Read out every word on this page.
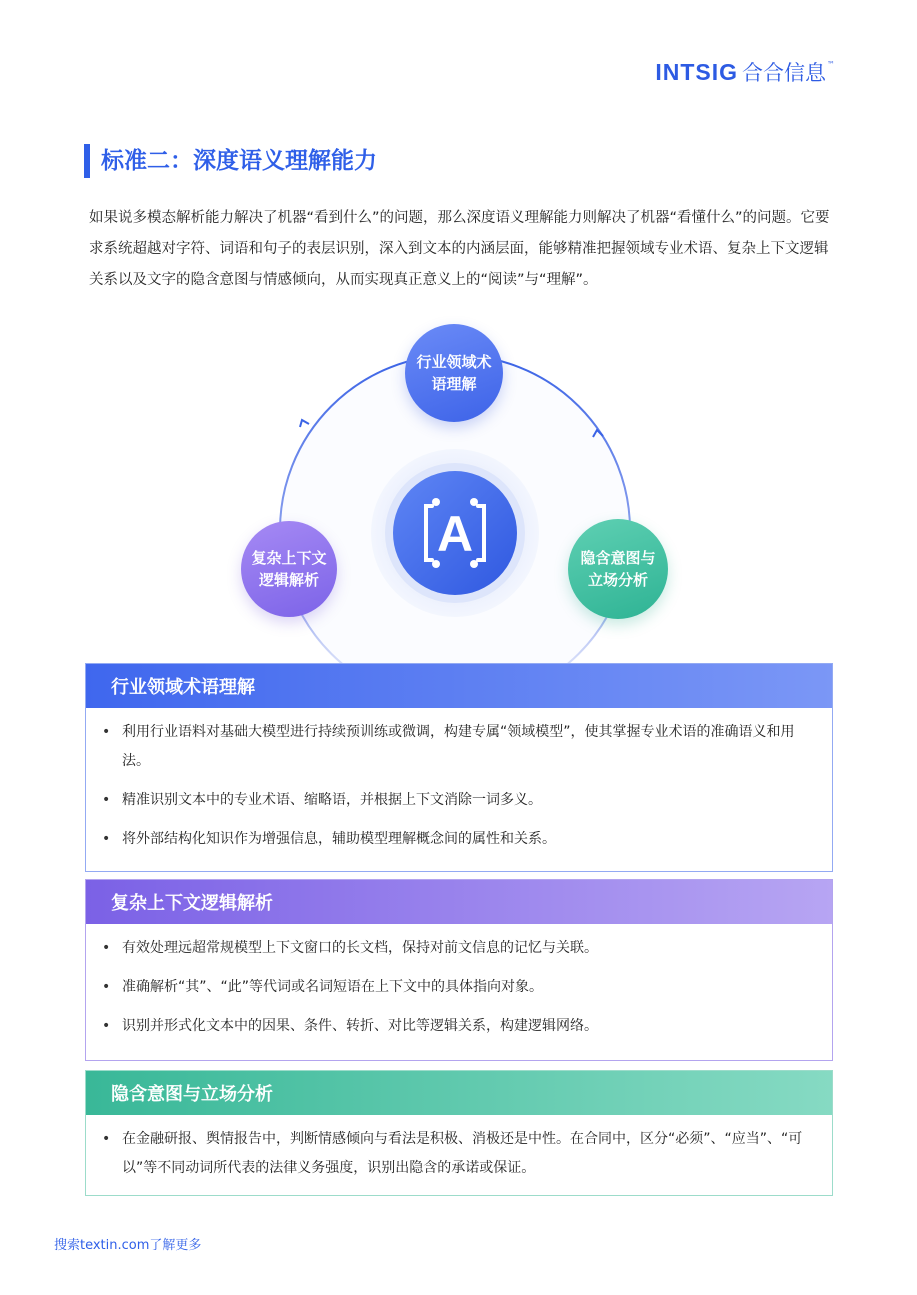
INTSIG 合合信息 ™
标准二：深度语义理解能力

如果说多模态解析能力解决了机器“看到什么”的问题，那么深度语义理解能力则解决了机器“看懂什么”的问题。它要求系统超越对字符、词语和句子的表层识别，深入到文本的内涵层面，能够精准把握领域专业术语、复杂上下文逻辑关系以及文字的隐含意图与情感倾向，从而实现真正意义上的“阅读”与“理解”。

A
行业领域术语理解
复杂上下文逻辑解析
隐含意图与立场分析
行业领域术语理解
• 利用行业语料对基础大模型进行持续预训练或微调，构建专属“领域模型”，使其掌握专业术语的准确语义和用法。
• 精准识别文本中的专业术语、缩略语，并根据上下文消除一词多义。
• 将外部结构化知识作为增强信息，辅助模型理解概念间的属性和关系。
复杂上下文逻辑解析
• 有效处理远超常规模型上下文窗口的长文档，保持对前文信息的记忆与关联。
• 准确解析“其”、“此”等代词或名词短语在上下文中的具体指向对象。
• 识别并形式化文本中的因果、条件、转折、对比等逻辑关系，构建逻辑网络。
隐含意图与立场分析
• 在金融研报、舆情报告中，判断情感倾向与看法是积极、消极还是中性。在合同中，区分“必须”、“应当”、“可以”等不同动词所代表的法律义务强度，识别出隐含的承诺或保证。
搜索textin.com了解更多
